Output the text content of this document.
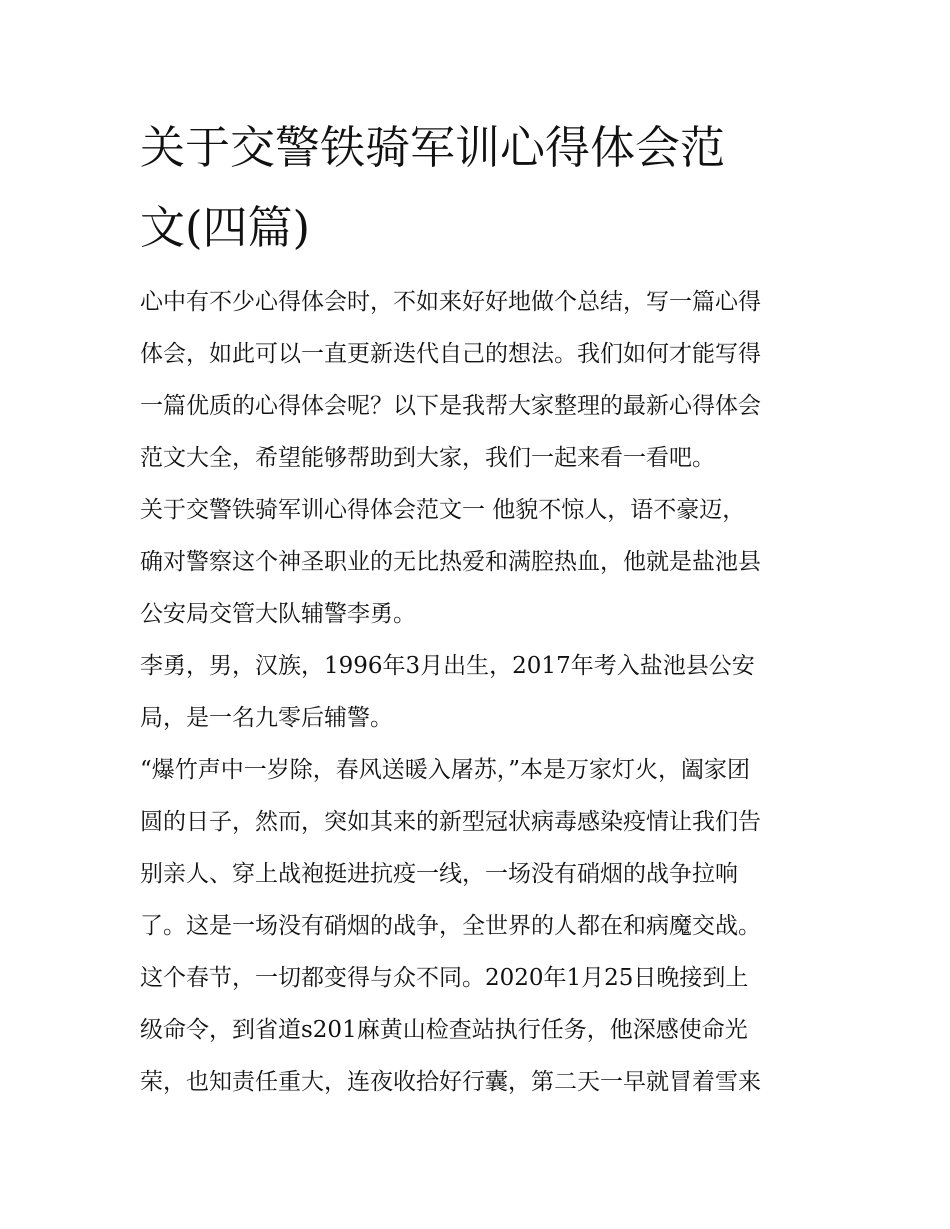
关于交警铁骑军训心得体会范
文(四篇)
心中有不少心得体会时，不如来好好地做个总结，写一篇心得
体会，如此可以一直更新迭代自己的想法。我们如何才能写得
一篇优质的心得体会呢？以下是我帮大家整理的最新心得体会
范文大全，希望能够帮助到大家，我们一起来看一看吧。
关于交警铁骑军训心得体会范文一 他貌不惊人，语不豪迈，
确对警察这个神圣职业的无比热爱和满腔热血，他就是盐池县
公安局交管大队辅警李勇。
李勇，男，汉族，1996年3月出生，2017年考入盐池县公安
局，是一名九零后辅警。
“爆竹声中一岁除，春风送暖入屠苏，”本是万家灯火，阖家团
圆的日子，然而，突如其来的新型冠状病毒感染疫情让我们告
别亲人、穿上战袍挺进抗疫一线，一场没有硝烟的战争拉响
了。这是一场没有硝烟的战争，全世界的人都在和病魔交战。
这个春节，一切都变得与众不同。2020年1月25日晚接到上
级命令，到省道s201麻黄山检查站执行任务，他深感使命光
荣，也知责任重大，连夜收拾好行囊，第二天一早就冒着雪来
